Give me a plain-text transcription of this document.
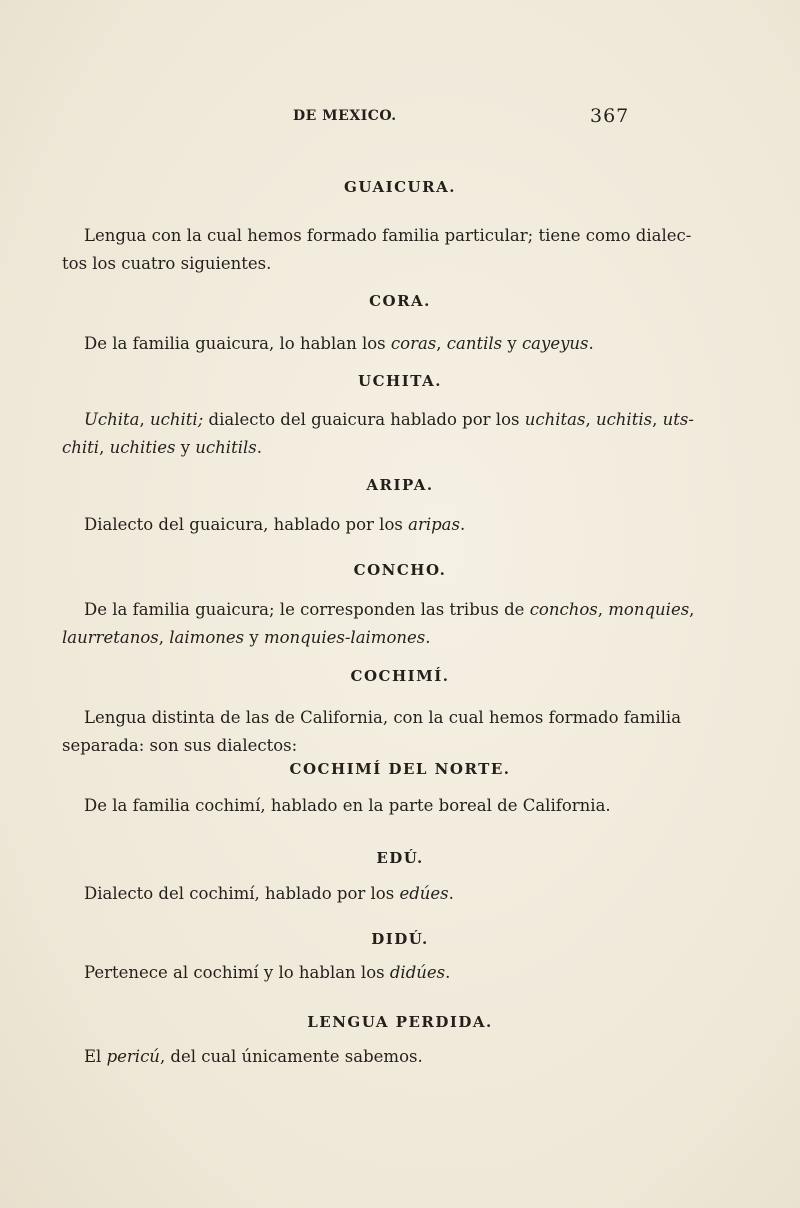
DE MEXICO.	367
GUAICURA.
Lengua con la cual hemos formado familia particular; tiene como dialec-
tos los cuatro siguientes.
CORA.
De la familia guaicura, lo hablan los coras, cantils y cayeyus.
UCHITA.
Uchita, uchiti; dialecto del guaicura hablado por los uchitas, uchitis, uts-
chiti, uchities y uchitils.
ARIPA.
Dialecto del guaicura, hablado por los aripas.
CONCHO.
De la familia guaicura; le corresponden las tribus de conchos, monquies,
laurretanos, laimones y monquies-laimones.
COCHIMÍ.
Lengua distinta de las de California, con la cual hemos formado familia
separada: son sus dialectos:
COCHIMÍ DEL NORTE.
De la familia cochimí, hablado en la parte boreal de California.
EDÚ.
Dialecto del cochimí, hablado por los edúes.
DIDÚ.
Pertenece al cochimí y lo hablan los didúes.
LENGUA PERDIDA.
El pericú, del cual únicamente sabemos.
